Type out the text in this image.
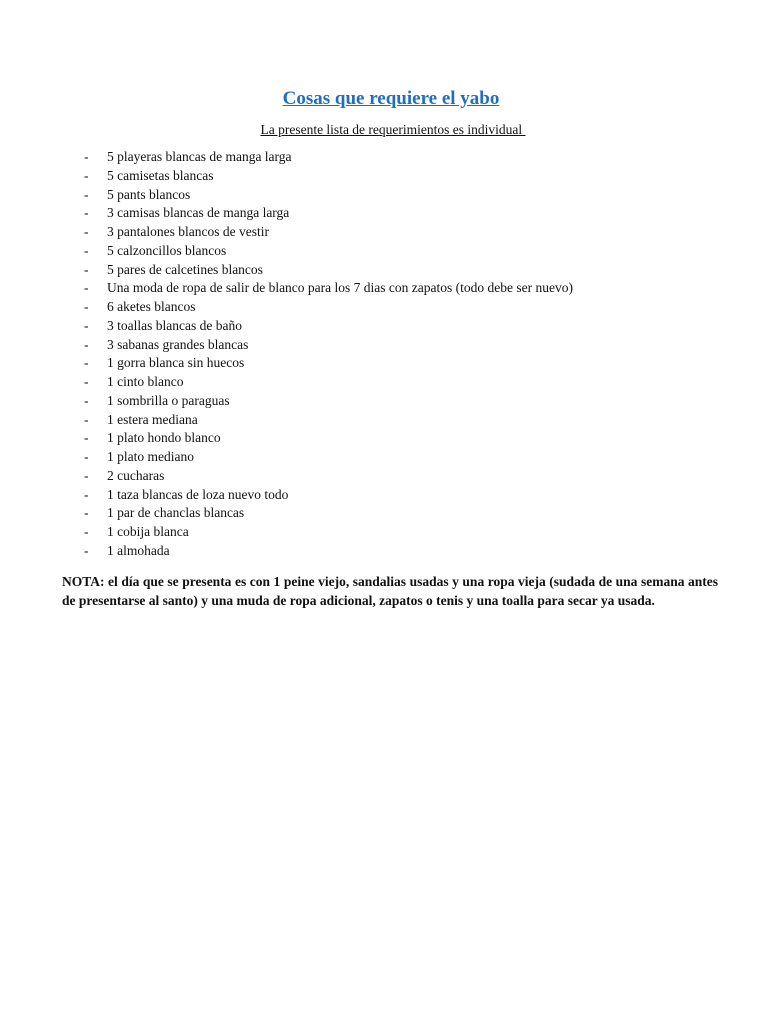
Cosas que requiere el yabo
La presente lista de requerimientos es individual
- 5 playeras blancas de manga larga
- 5 camisetas blancas
- 5 pants blancos
- 3 camisas blancas de manga larga
- 3 pantalones blancos de vestir
- 5 calzoncillos blancos
- 5 pares de calcetines blancos
- Una moda de ropa de salir de blanco para los 7 dias con zapatos (todo debe ser nuevo)
- 6 aketes blancos
- 3 toallas blancas de baño
- 3 sabanas grandes blancas
- 1 gorra blanca sin huecos
- 1 cinto blanco
- 1 sombrilla o paraguas
- 1 estera mediana
- 1 plato hondo blanco
- 1 plato mediano
- 2 cucharas
- 1 taza blancas de loza nuevo todo
- 1 par de chanclas blancas
- 1 cobija blanca
- 1 almohada

NOTA: el día que se presenta es con 1 peine viejo, sandalias usadas y una ropa vieja (sudada de una semana antes de presentarse al santo) y una muda de ropa adicional, zapatos o tenis y una toalla para secar ya usada.
